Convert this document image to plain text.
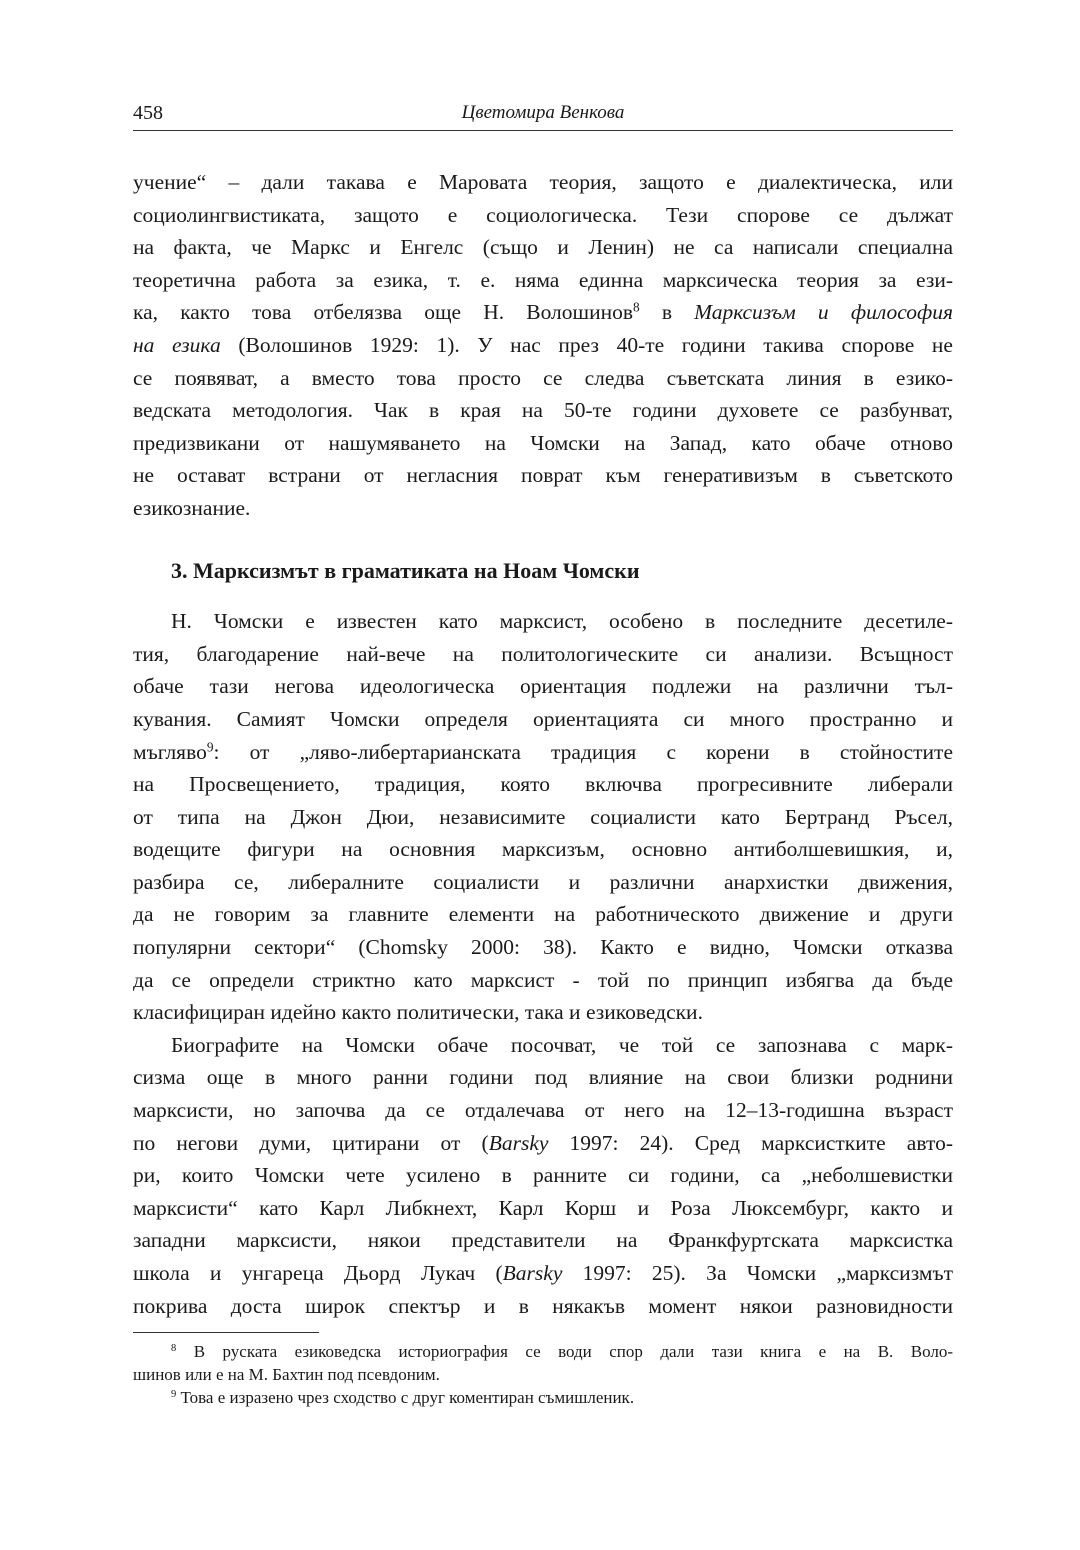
458	Цветомира Венкова
учение“ – дали такава е Маровата теория, защото е диалектическа, или
социолингвистиката, защото е социологическа. Тези спорове се дължат
на факта, че Маркс и Енгелс (също и Ленин) не са написали специална
теоретична работа за езика, т. е. няма единна марксическа теория за ези-
ка, както това отбелязва още Н. Волошинов$^8$ в Марксизъм и философия
на езика (Волошинов 1929: 1). У нас през 40-те години такива спорове не
се появяват, а вместо това просто се следва съветската линия в езико-
ведската методология. Чак в края на 50-те години духовете се разбунват,
предизвикани от нашумяването на Чомски на Запад, като обаче отново
не остават встрани от негласния поврат към генеративизъм в съветското
езикознание.
3. Марксизмът в граматиката на Ноам Чомски
Н. Чомски е известен като марксист, особено в последните десетиле-
тия, благодарение най-вече на политологическите си анализи. Всъщност
обаче тази негова идеологическа ориентация подлежи на различни тъл-
кувания. Самият Чомски определя ориентацията си много пространно и
мъгляво$^9$: от „ляво-либертарианската традиция с корени в стойностите
на Просвещението, традиция, която включва прогресивните либерали
от типа на Джон Дюи, независимите социалисти като Бертранд Ръсел,
водещите фигури на основния марксизъм, основно антиболшевишкия, и,
разбира се, либералните социалисти и различни анархистки движения,
да не говорим за главните елементи на работническото движение и други
популярни сектори“ (Chomsky 2000: 38). Както е видно, Чомски отказва
да се определи стриктно като марксист ‑ той по принцип избягва да бъде
класифициран идейно както политически, така и езиковедски.
Биографите на Чомски обаче посочват, че той се запознава с марк-
сизма още в много ранни години под влияние на свои близки роднини
марксисти, но започва да се отдалечава от него на 12–13-годишна възраст
по негови думи, цитирани от (Barsky 1997: 24). Сред марксистките авто-
ри, които Чомски чете усилено в ранните си години, са „неболшевистки
марксисти“ като Карл Либкнехт, Карл Корш и Роза Люксембург, както и
западни марксисти, някои представители на Франкфуртската марксистка
школа и унгареца Дьорд Лукач (Barsky 1997: 25). За Чомски „марксизмът
покрива доста широк спектър и в някакъв момент някои разновидности
$^8$ В руската езиковедска историография се води спор дали тази книга е на В. Воло-
шинов или е на М. Бахтин под псевдоним.
$^9$ Това е изразено чрез сходство с друг коментиран съмишленик.
